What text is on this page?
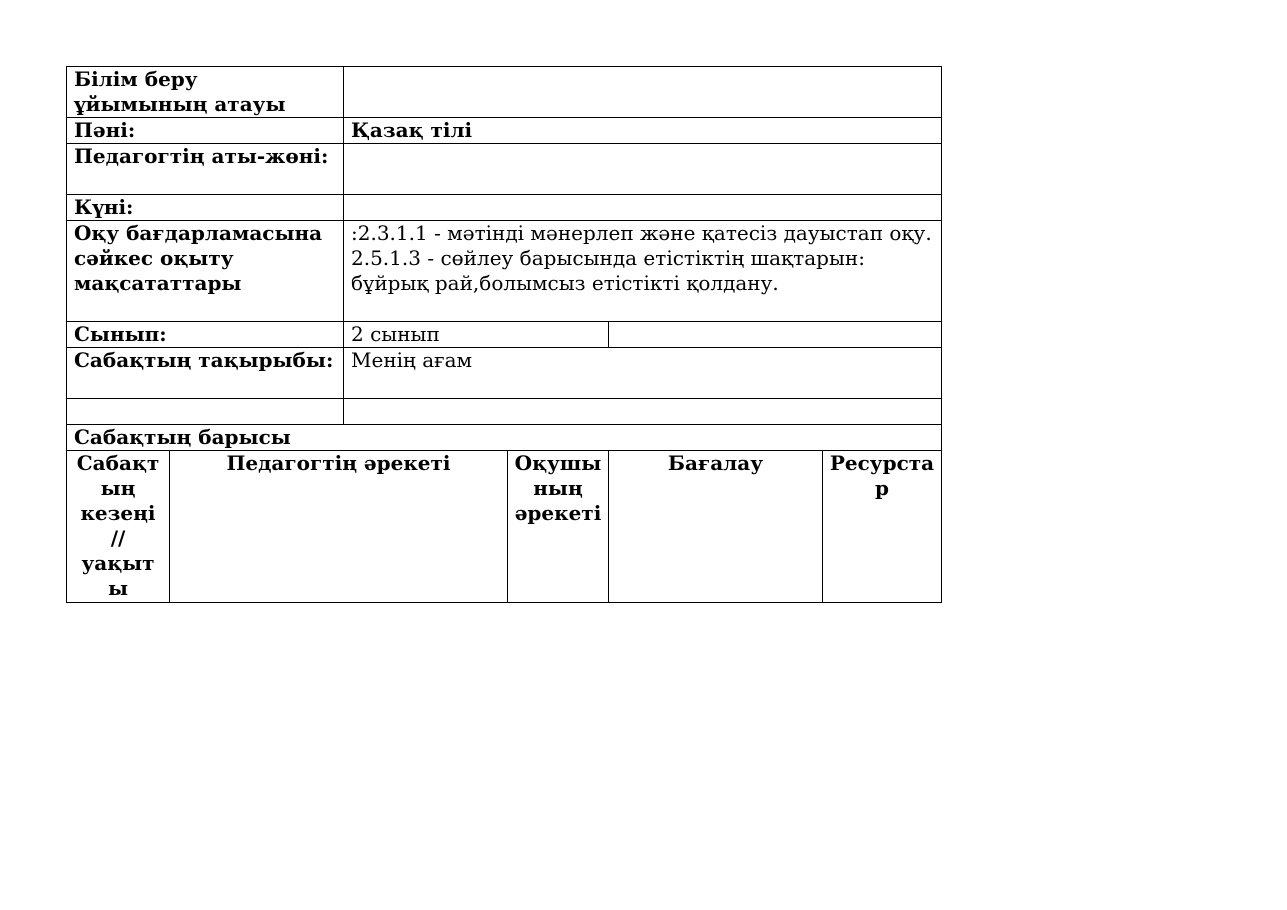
Білім беру ұйымының атауы					
Пәні:		Қазақ тілі			
Педагогтің аты-жөні:					
Күні:					
Оқу бағдарламасына сәйкес оқыту мақсататтары		:2.3.1.1 - мәтінді мәнерлеп және қатесіз дауыстап оқу.
2.5.1.3 - сөйлеу барысында етістіктің шақтарын: бұйрық рай,болымсыз етістікті қолдану.			

Сынып:		2 сынып			
Сабақтың тақырыбы:		Менің ағам			

Сабақтың барысы					
Сабақтың кезеңі // уақыты	Педагогтің әрекеті		Оқушының әрекеті	Бағалау	Ресурстар
